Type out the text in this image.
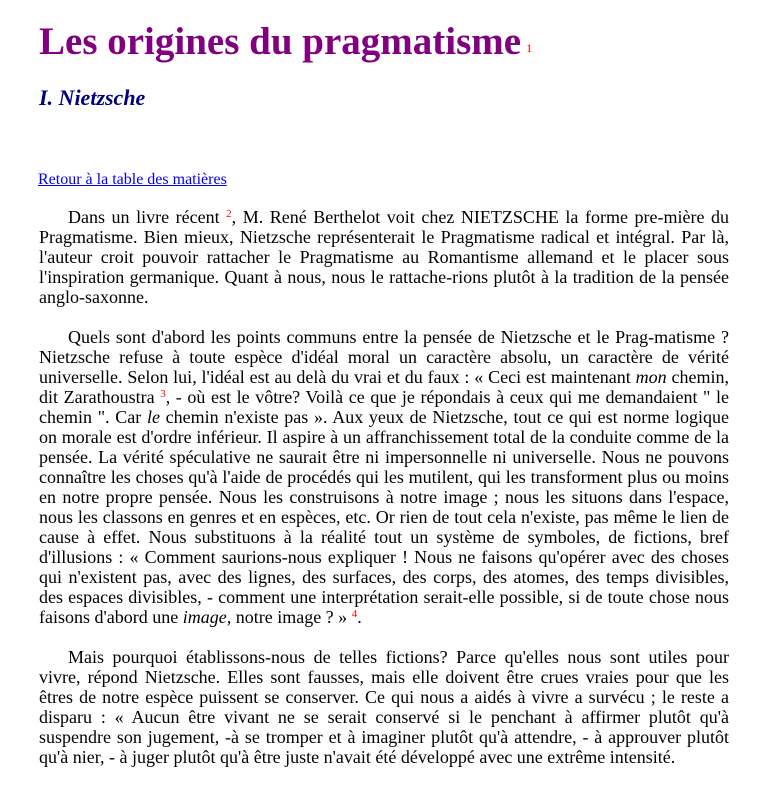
Les origines du pragmatisme $^1$
I. Nietzsche
Retour à la table des matières

Dans un livre récent $^2$, M. René Berthelot voit chez NIETZSCHE la forme pre-mière du Pragmatisme. Bien mieux, Nietzsche représenterait le Pragmatisme radical et intégral. Par là, l'auteur croit pouvoir rattacher le Pragmatisme au Romantisme allemand et le placer sous l'inspiration germanique. Quant à nous, nous le rattache-rions plutôt à la tradition de la pensée anglo-saxonne.

Quels sont d'abord les points communs entre la pensée de Nietzsche et le Prag-matisme ? Nietzsche refuse à toute espèce d'idéal moral un caractère absolu, un caractère de vérité universelle. Selon lui, l'idéal est au delà du vrai et du faux : « Ceci est maintenant mon chemin, dit Zarathoustra $^3$, - où est le vôtre? Voilà ce que je répondais à ceux qui me demandaient " le chemin ". Car le chemin n'existe pas ». Aux yeux de Nietzsche, tout ce qui est norme logique on morale est d'ordre inférieur. Il aspire à un affranchissement total de la conduite comme de la pensée. La vérité spéculative ne saurait être ni impersonnelle ni universelle. Nous ne pouvons connaître les choses qu'à l'aide de procédés qui les mutilent, qui les transforment plus ou moins en notre propre pensée. Nous les construisons à notre image ; nous les situons dans l'espace, nous les classons en genres et en espèces, etc. Or rien de tout cela n'existe, pas même le lien de cause à effet. Nous substituons à la réalité tout un système de symboles, de fictions, bref d'illusions : « Comment saurions-nous expliquer ! Nous ne faisons qu'opérer avec des choses qui n'existent pas, avec des lignes, des surfaces, des corps, des atomes, des temps divisibles, des espaces divisibles, - comment une interprétation serait-elle possible, si de toute chose nous faisons d'abord une image, notre image ? » $^4$.

Mais pourquoi établissons-nous de telles fictions? Parce qu'elles nous sont utiles pour vivre, répond Nietzsche. Elles sont fausses, mais elle doivent être crues vraies pour que les êtres de notre espèce puissent se conserver. Ce qui nous a aidés à vivre a survécu ; le reste a disparu : « Aucun être vivant ne se serait conservé si le penchant à affirmer plutôt qu'à suspendre son jugement, -à se tromper et à imaginer plutôt qu'à attendre, - à approuver plutôt qu'à nier, - à juger plutôt qu'à être juste n'avait été développé avec une extrême intensité.
